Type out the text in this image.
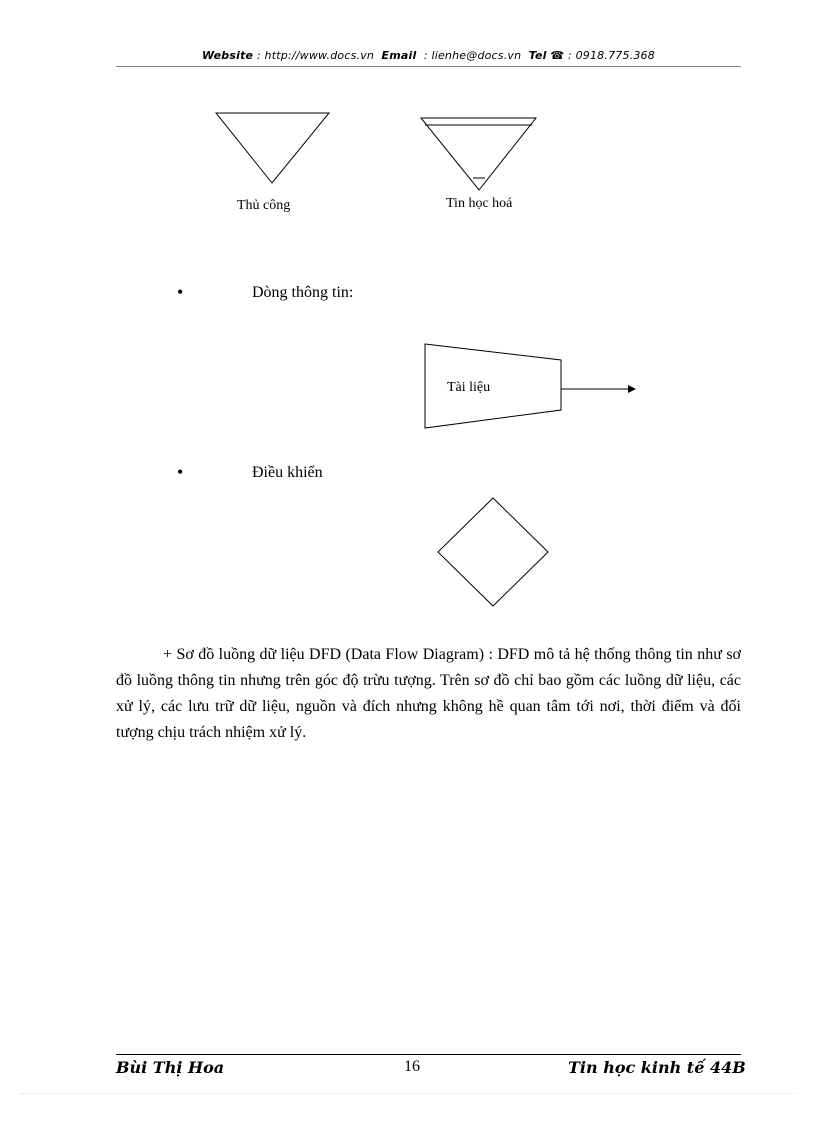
Website : http://www.docs.vn Email  : lienhe@docs.vn Tel ☎ : 0918.775.368
Thủ công	Tin học hoá
Tài liệu
•	Dòng thông tin:
•	Điều khiển

+ Sơ đồ luồng dữ liệu DFD (Data Flow Diagram) : DFD mô tả hệ thống thông tin như sơ đồ luồng thông tin nhưng trên góc độ trừu tượng. Trên sơ đồ chỉ bao gồm các luồng dữ liệu, các xử lý, các lưu trữ dữ liệu, nguồn và đích nhưng không hề quan tâm tới nơi, thời điểm và đối tượng chịu trách nhiệm xử lý.

Bùi Thị Hoa	16	Tin học kinh tế 44B
